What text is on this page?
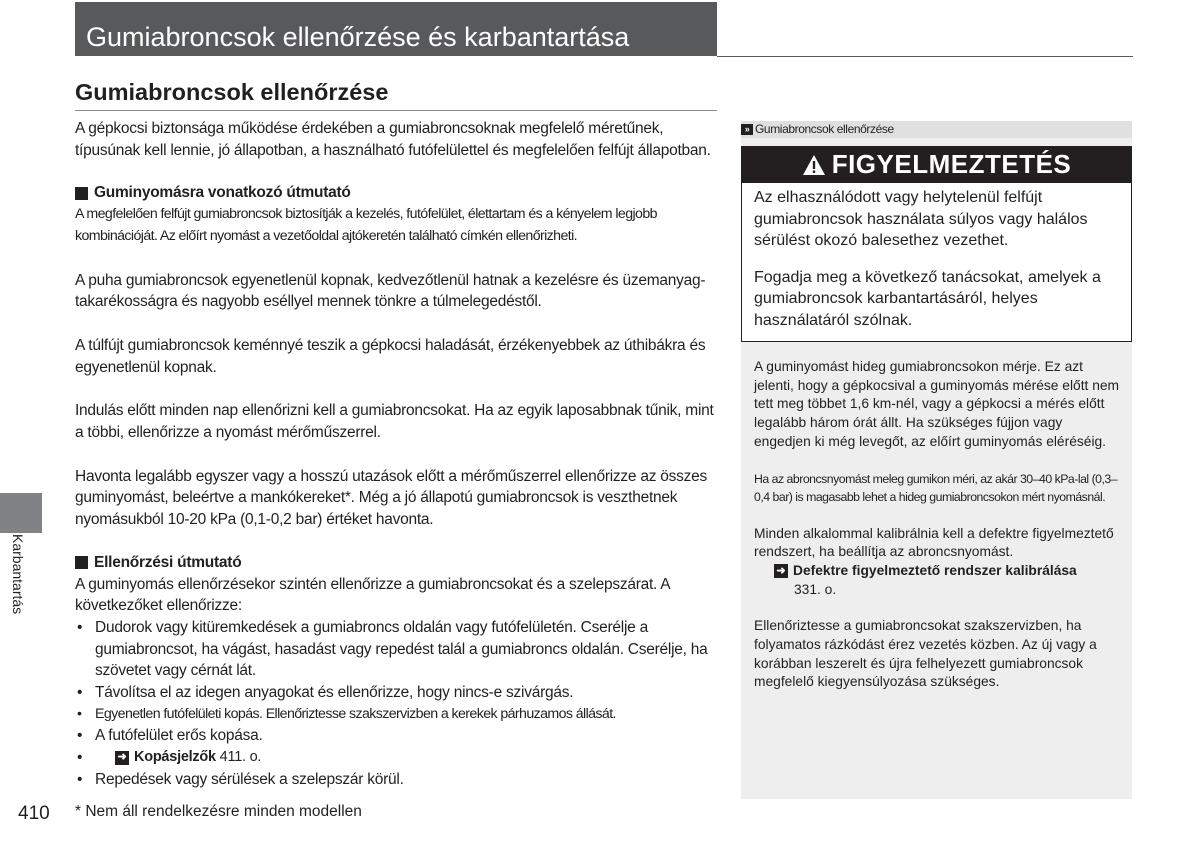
Gumiabroncsok ellenőrzése és karbantartása
Gumiabroncsok ellenőrzése
Karbantartás

A gépkocsi biztonsága működése érdekében a gumiabroncsoknak megfelelő méretűnek, típusúnak kell lennie, jó állapotban, a használható futófelülettel és megfelelően felfújt állapotban.

Guminyomásra vonatkozó útmutató

A megfelelően felfújt gumiabroncsok biztosítják a kezelés, futófelület, élettartam és a kényelem legjobb kombinációját. Az előírt nyomást a vezetőoldal ajtókeretén található címkén ellenőrizheti.

A puha gumiabroncsok egyenetlenül kopnak, kedvezőtlenül hatnak a kezelésre és üzemanyag-takarékosságra és nagyobb eséllyel mennek tönkre a túlmelegedéstől.

A túlfújt gumiabroncsok keménnyé teszik a gépkocsi haladását, érzékenyebbek az úthibákra és egyenetlenül kopnak.

Indulás előtt minden nap ellenőrizni kell a gumiabroncsokat. Ha az egyik laposabbnak tűnik, mint a többi, ellenőrizze a nyomást mérőműszerrel.

Havonta legalább egyszer vagy a hosszú utazások előtt a mérőműszerrel ellenőrizze az összes guminyomást, beleértve a mankókereket*. Még a jó állapotú gumiabroncsok is veszthetnek nyomásukból 10-20 kPa (0,1-0,2 bar) értéket havonta.

Ellenőrzési útmutató

A guminyomás ellenőrzésekor szintén ellenőrizze a gumiabroncsokat és a szelepszárat. A következőket ellenőrizze:

• Dudorok vagy kitüremkedések a gumiabroncs oldalán vagy futófelületén. Cserélje a gumiabroncsot, ha vágást, hasadást vagy repedést talál a gumiabroncs oldalán. Cserélje, ha szövetet vagy cérnát lát.
• Távolítsa el az idegen anyagokat és ellenőrizze, hogy nincs-e szivárgás.
• Egyenetlen futófelületi kopás. Ellenőriztesse szakszervizben a kerekek párhuzamos állását.
• A futófelület erős kopása.
• ➜ Kopásjelzők
411. o.
• Repedések vagy sérülések a szelepszár körül.
* Nem áll rendelkezésre minden modellen
410
» Gumiabroncsok ellenőrzése
FIGYELMEZTETÉS

Az elhasználódott vagy helytelenül felfújt gumiabroncsok használata súlyos vagy halálos sérülést okozó balesethez vezethet.

Fogadja meg a következő tanácsokat, amelyek a gumiabroncsok karbantartásáról, helyes használatáról szólnak.

A guminyomást hideg gumiabroncsokon mérje. Ez azt jelenti, hogy a gépkocsival a guminyomás mérése előtt nem tett meg többet 1,6 km-nél, vagy a gépkocsi a mérés előtt legalább három órát állt. Ha szükséges fújjon vagy engedjen ki még levegőt, az előírt guminyomás eléréséig.

Ha az abroncsnyomást meleg gumikon méri, az akár 30–40 kPa-lal (0,3–0,4 bar) is magasabb lehet a hideg gumiabroncsokon mért nyomásnál.

Minden alkalommal kalibrálnia kell a defektre figyelmeztető rendszert, ha beállítja az abroncsnyomást.

➜ Defektre figyelmeztető rendszer kalibrálása

331. o.

Ellenőriztesse a gumiabroncsokat szakszervizben, ha folyamatos rázkódást érez vezetés közben. Az új vagy a korábban leszerelt és újra felhelyezett gumiabroncsok megfelelő kiegyensúlyozása szükséges.
